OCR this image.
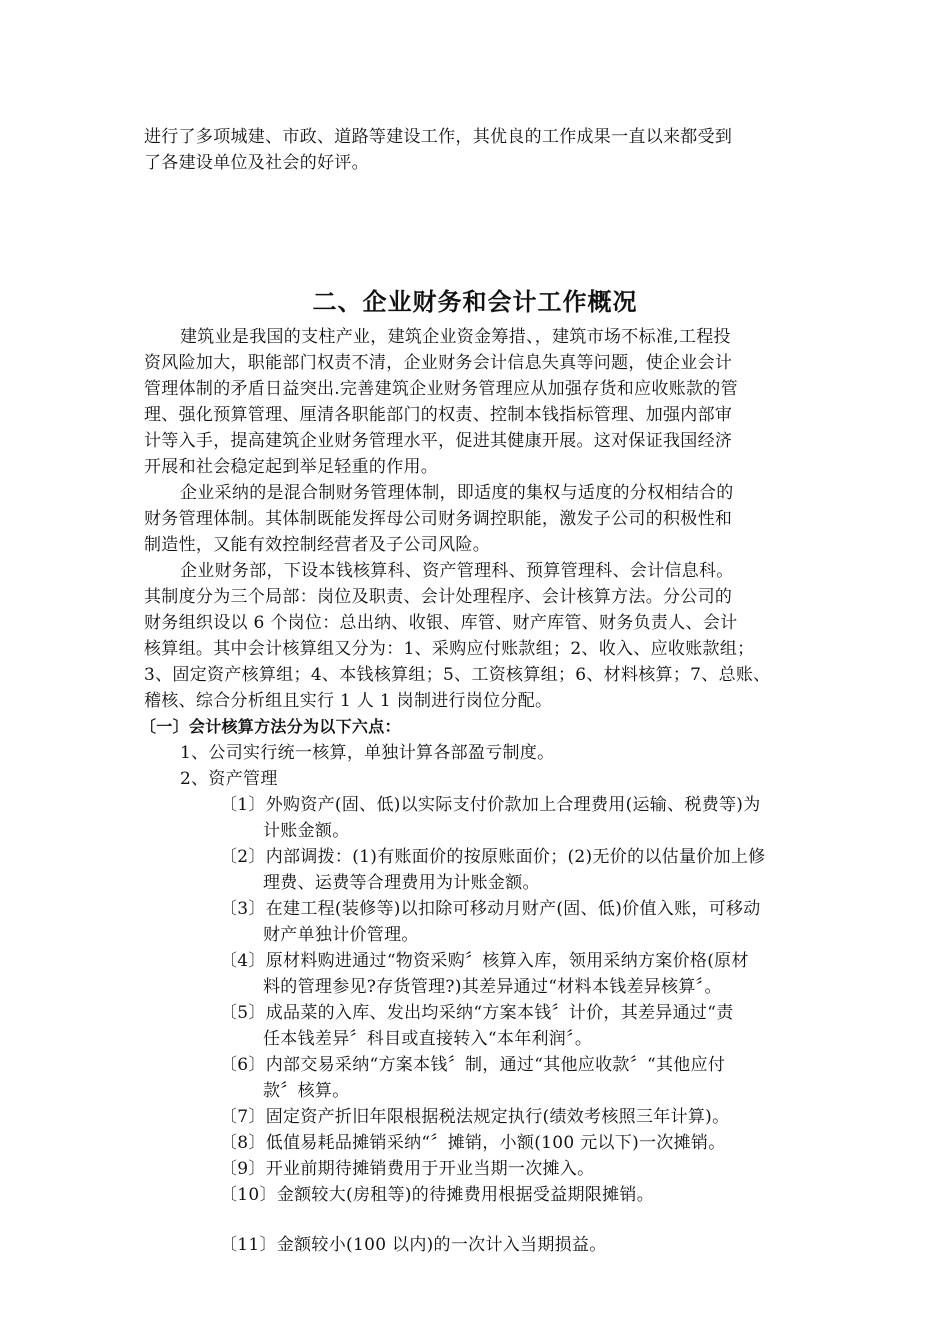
进行了多项城建、市政、道路等建设工作，其优良的工作成果一直以来都受到
了各建设单位及社会的好评。
二、企业财务和会计工作概况
建筑业是我国的支柱产业，建筑企业资金筹措、，建筑市场不标准,工程投
资风险加大，职能部门权责不清，企业财务会计信息失真等问题，使企业会计
管理体制的矛盾日益突出.完善建筑企业财务管理应从加强存货和应收账款的管
理、强化预算管理、厘清各职能部门的权责、控制本钱指标管理、加强内部审
计等入手，提高建筑企业财务管理水平，促进其健康开展。这对保证我国经济
开展和社会稳定起到举足轻重的作用。
企业采纳的是混合制财务管理体制，即适度的集权与适度的分权相结合的
财务管理体制。其体制既能发挥母公司财务调控职能，激发子公司的积极性和
制造性，又能有效控制经营者及子公司风险。
企业财务部，下设本钱核算科、资产管理科、预算管理科、会计信息科。
其制度分为三个局部：岗位及职责、会计处理程序、会计核算方法。分公司的
财务组织设以 6 个岗位：总出纳、收银、库管、财产库管、财务负责人、会计
核算组。其中会计核算组又分为：1、采购应付账款组；2、收入、应收账款组；
3、固定资产核算组；4、本钱核算组；5、工资核算组；6、材料核算；7、总账、
稽核、综合分析组且实行 1 人 1 岗制进行岗位分配。
〔一〕会计核算方法分为以下六点：
1、公司实行统一核算，单独计算各部盈亏制度。
2、资产管理
〔1〕外购资产(固、低)以实际支付价款加上合理费用(运输、税费等)为
计账金额。
〔2〕内部调拨：(1)有账面价的按原账面价；(2)无价的以估量价加上修
理费、运费等合理费用为计账金额。
〔3〕在建工程(装修等)以扣除可移动月财产(固、低)价值入账，可移动
财产单独计价管理。
〔4〕原材料购进通过“物资采购〞核算入库，领用采纳方案价格(原材
料的管理参见?存货管理?)其差异通过“材料本钱差异核算〞。
〔5〕成品菜的入库、发出均采纳“方案本钱〞计价，其差异通过“责
任本钱差异〞科目或直接转入“本年利润〞。
〔6〕内部交易采纳“方案本钱〞制，通过“其他应收款〞“其他应付
款〞核算。
〔7〕固定资产折旧年限根据税法规定执行(绩效考核照三年计算)。
〔8〕低值易耗品摊销采纳“〞摊销，小额(100 元以下)一次摊销。
〔9〕开业前期待摊销费用于开业当期一次摊入。
〔10〕金额较大(房租等)的待摊费用根据受益期限摊销。
〔11〕金额较小(100 以内)的一次计入当期损益。
